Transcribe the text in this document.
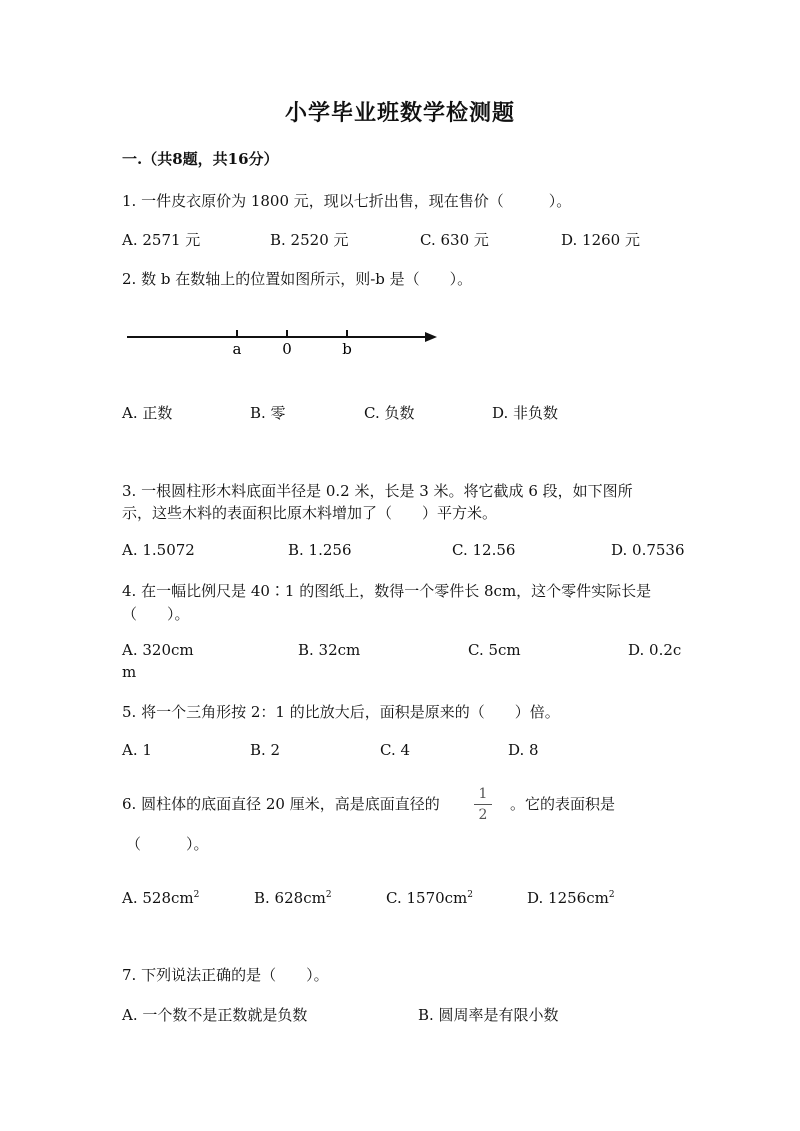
小学毕业班数学检测题
一.（共8题，共16分）
1. 一件皮衣原价为 1800 元，现以七折出售，现在售价（　　　）。
A. 2571 元	B. 2520 元	C. 630 元	D. 1260 元
2. 数 b 在数轴上的位置如图所示，则-b 是（　　）。
a	0	b
A. 正数	B. 零	C. 负数	D. 非负数
3. 一根圆柱形木料底面半径是 0.2 米，长是 3 米。将它截成 6 段，如下图所
示，这些木料的表面积比原木料增加了（　　）平方米。
A. 1.5072	B. 1.256	C. 12.56	D. 0.7536
4. 在一幅比例尺是 40∶1 的图纸上，数得一个零件长 8cm，这个零件实际长是
（　　）。
A. 320cm	B. 32cm	C. 5cm	D. 0.2c
m
5. 将一个三角形按 2：1 的比放大后，面积是原来的（　　）倍。
A. 1	B. 2	C. 4	D. 8
6. 圆柱体的底面直径 20 厘米，高是底面直径的
1
2
。它的表面积是
（　　　）。
A. $528cm^2$	B. $628cm^2$	C. $1570cm^2$	D. $1256cm^2$
7. 下列说法正确的是（　　）。
A. 一个数不是正数就是负数	B. 圆周率是有限小数
